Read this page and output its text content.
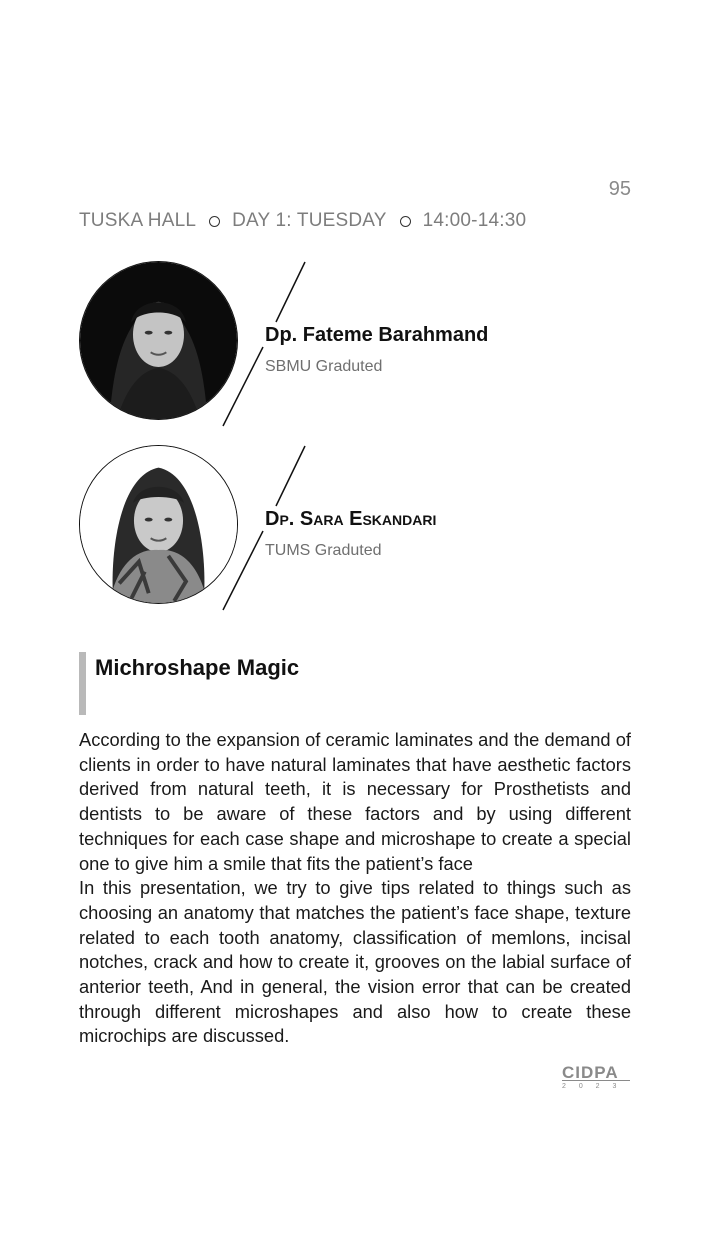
95
TUSKA HALL DAY 1: TUESDAY 14:00-14:30
Dp. Fateme Barahmand
SBMU Graduted
Dp. Sara Eskandari
TUMS Graduted
Michroshape Magic

According to the expansion of ceramic laminates and the demand of clients in order to have natural laminates that have aesthetic factors derived from natural teeth, it is necessary for Prosthetists and dentists to be aware of these factors and by using different techniques for each case shape and microshape to create a special one to give him a smile that fits the patient’s face

In this presentation, we try to give tips related to things such as choosing an anatomy that matches the patient’s face shape, texture related to each tooth anatomy, classification of memlons, incisal notches, crack and how to create it, grooves on the labial surface of anterior teeth, And in general, the vision error that can be created through different microshapes and also how to create these microchips are discussed.

CIDPA
2 0 2 3
